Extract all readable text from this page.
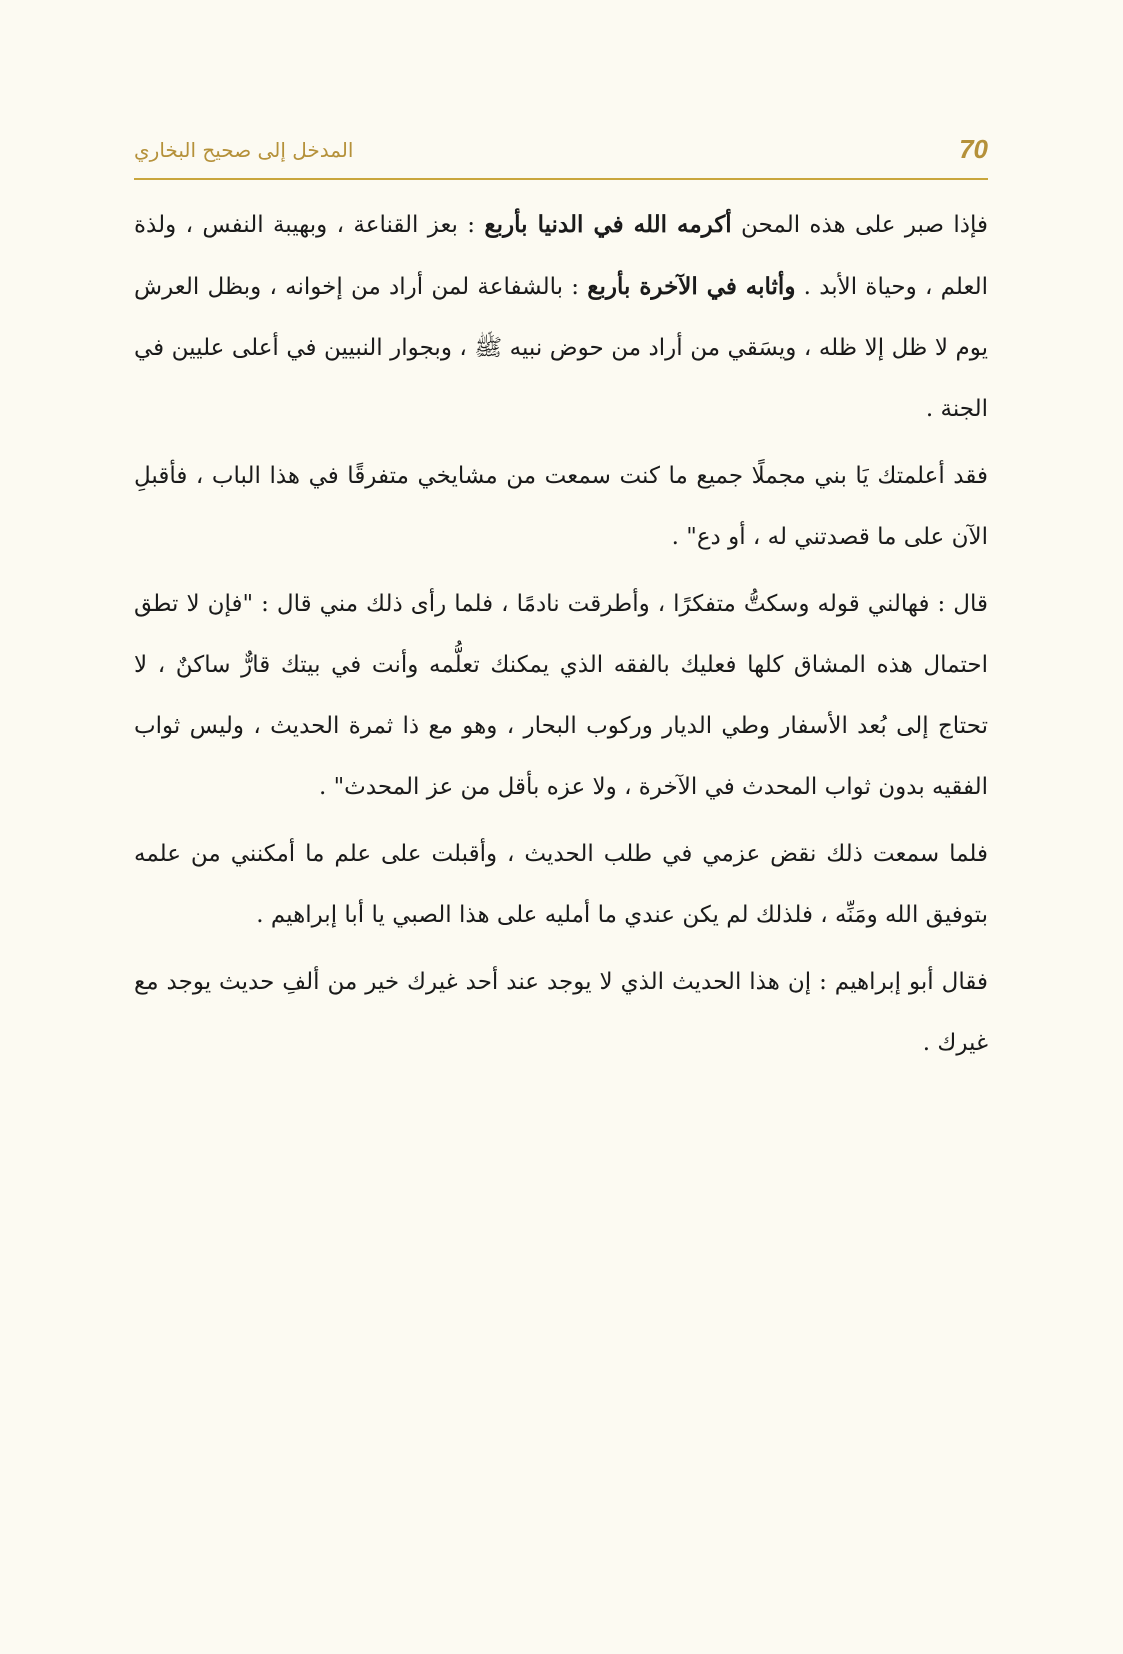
70
المدخل إلى صحيح البخاري

فإذا صبر على هذه المحن أكرمه الله في الدنيا بأربع : بعز القناعة ، وبهيبة النفس ، ولذة العلم ، وحياة الأبد . وأثابه في الآخرة بأربع : بالشفاعة لمن أراد من إخوانه ، وبظل العرش يوم لا ظل إلا ظله ، ويسَقي من أراد من حوض نبيه ﷺ ، وبجوار النبيين في أعلى عليين في الجنة .

فقد أعلمتك يَا بني مجملًا جميع ما كنت سمعت من مشايخي متفرقًا في هذا الباب ، فأقبلِ الآن على ما قصدتني له ، أو دع" .

قال : فهالني قوله وسكتُّ متفكرًا ، وأطرقت نادمًا ، فلما رأى ذلك مني قال : "فإن لا تطق احتمال هذه المشاق كلها فعليك بالفقه الذي يمكنك تعلُّمه وأنت في بيتك قارٌّ ساكنٌ ، لا تحتاج إلى بُعد الأسفار وطي الديار وركوب البحار ، وهو مع ذا ثمرة الحديث ، وليس ثواب الفقيه بدون ثواب المحدث في الآخرة ، ولا عزه بأقل من عز المحدث" .

فلما سمعت ذلك نقض عزمي في طلب الحديث ، وأقبلت على علم ما أمكنني من علمه بتوفيق الله ومَنِّه ، فلذلك لم يكن عندي ما أمليه على هذا الصبي يا أبا إبراهيم .

فقال أبو إبراهيم : إن هذا الحديث الذي لا يوجد عند أحد غيرك خير من ألفِ حديث يوجد مع غيرك .
